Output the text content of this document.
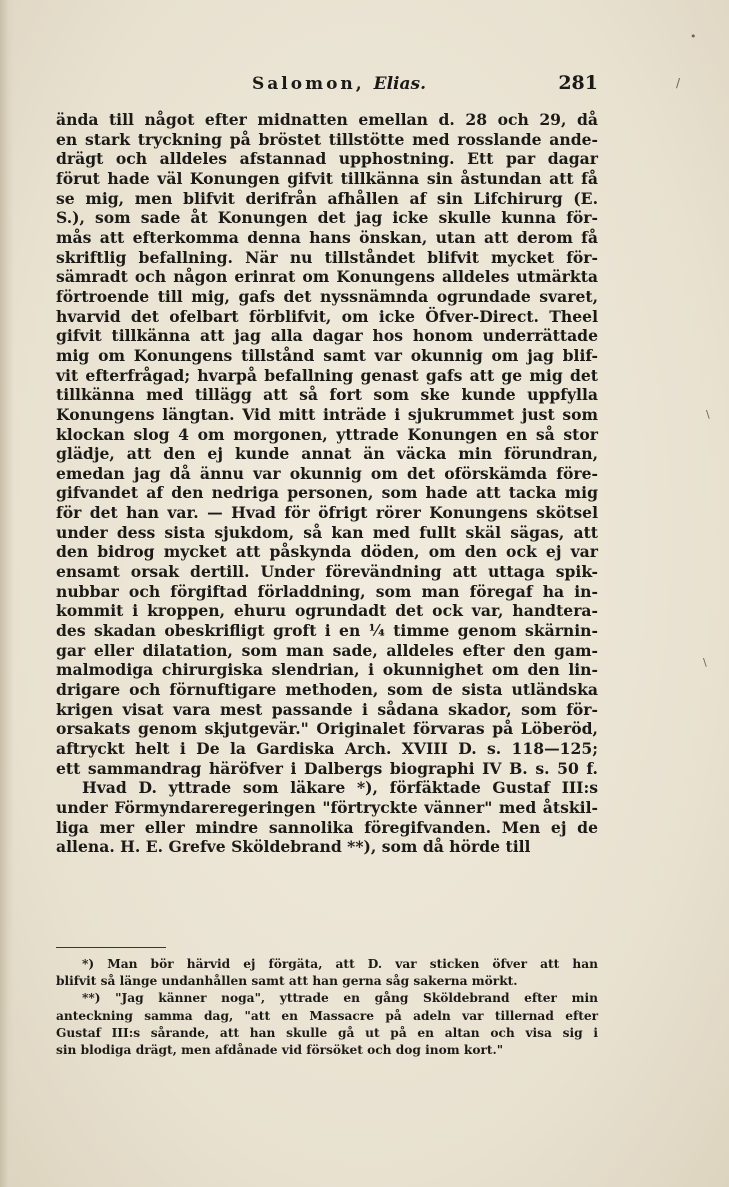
Salomon, Elias.	281
ända till något efter midnatten emellan d. 28 och 29, då
en stark tryckning på bröstet tillstötte med rosslande ande-
drägt och alldeles afstannad upphostning. Ett par dagar
förut hade väl Konungen gifvit tillkänna sin åstundan att få
se mig, men blifvit derifrån afhållen af sin Lifchirurg (E.
S.), som sade åt Konungen det jag icke skulle kunna för-
mås att efterkomma denna hans önskan, utan att derom få
skriftlig befallning. När nu tillståndet blifvit mycket för-
sämradt och någon erinrat om Konungens alldeles utmärkta
förtroende till mig, gafs det nyssnämnda ogrundade svaret,
hvarvid det ofelbart förblifvit, om icke Öfver-Direct. Theel
gifvit tillkänna att jag alla dagar hos honom underrättade
mig om Konungens tillstånd samt var okunnig om jag blif-
vit efterfrågad; hvarpå befallning genast gafs att ge mig det
tillkänna med tillägg att så fort som ske kunde uppfylla
Konungens längtan. Vid mitt inträde i sjukrummet just som
klockan slog 4 om morgonen, yttrade Konungen en så stor
glädje, att den ej kunde annat än väcka min förundran,
emedan jag då ännu var okunnig om det oförskämda före-
gifvandet af den nedriga personen, som hade att tacka mig
för det han var. — Hvad för öfrigt rörer Konungens skötsel
under dess sista sjukdom, så kan med fullt skäl sägas, att
den bidrog mycket att påskynda döden, om den ock ej var
ensamt orsak dertill. Under förevändning att uttaga spik-
nubbar och förgiftad förladdning, som man föregaf ha in-
kommit i kroppen, ehuru ogrundadt det ock var, handtera-
des skadan obeskrifligt groft i en ¼ timme genom skärnin-
gar eller dilatation, som man sade, alldeles efter den gam-
malmodiga chirurgiska slendrian, i okunnighet om den lin-
drigare och förnuftigare methoden, som de sista utländska
krigen visat vara mest passande i sådana skador, som för-
orsakats genom skjutgevär." Originalet förvaras på Löberöd,
aftryckt helt i De la Gardiska Arch. XVIII D. s. 118—125;
ett sammandrag häröfver i Dalbergs biographi IV B. s. 50 f.
Hvad D. yttrade som läkare *), förfäktade Gustaf III:s
under Förmyndareregeringen "förtryckte vänner" med åtskil-
liga mer eller mindre sannolika föregifvanden. Men ej de
allena. H. E. Grefve Sköldebrand **), som då hörde till
*) Man bör härvid ej förgäta, att D. var sticken öfver att han
blifvit så länge undanhållen samt att han gerna såg sakerna mörkt.
**) "Jag känner noga", yttrade en gång Sköldebrand efter min
anteckning samma dag, "att en Massacre på adeln var tillernad efter
Gustaf III:s sårande, att han skulle gå ut på en altan och visa sig i
sin blodiga drägt, men afdånade vid försöket och dog inom kort."
•
/
\
\
